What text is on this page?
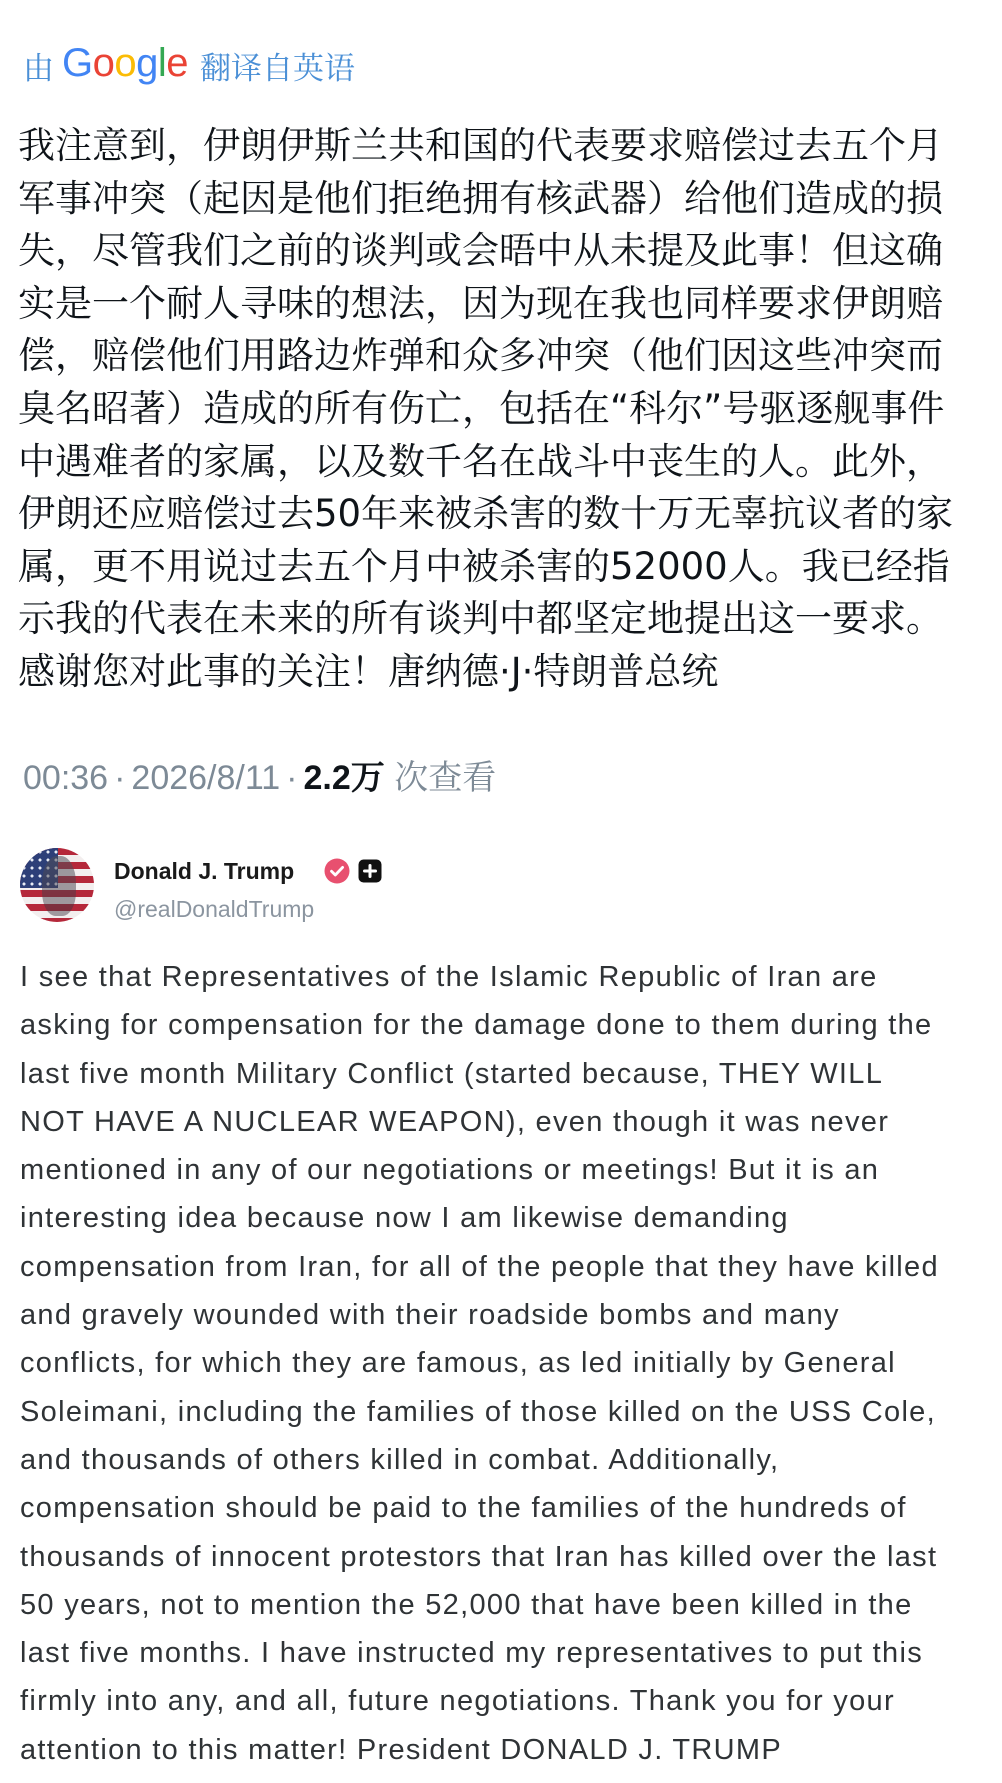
由 G o o g l e 翻译自英语
我注意到，伊朗伊斯兰共和国的代表要求赔偿过去五个月
军事冲突（起因是他们拒绝拥有核武器）给他们造成的损
失，尽管我们之前的谈判或会晤中从未提及此事！但这确
实是一个耐人寻味的想法，因为现在我也同样要求伊朗赔
偿，赔偿他们用路边炸弹和众多冲突（他们因这些冲突而
臭名昭著）造成的所有伤亡，包括在“科尔”号驱逐舰事件
中遇难者的家属，以及数千名在战斗中丧生的人。此外，
伊朗还应赔偿过去50年来被杀害的数十万无辜抗议者的家
属，更不用说过去五个月中被杀害的52000人。我已经指
示我的代表在未来的所有谈判中都坚定地提出这一要求。
感谢您对此事的关注！唐纳德·J·特朗普总统
00:36 · 2026/8/11 · 2.2万 次查看
Donald J. Trump
@realDonaldTrump
I see that Representatives of the Islamic Republic of Iran are
asking for compensation for the damage done to them during the
last five month Military Conflict (started because, THEY WILL
NOT HAVE A NUCLEAR WEAPON), even though it was never
mentioned in any of our negotiations or meetings! But it is an
interesting idea because now I am likewise demanding
compensation from Iran, for all of the people that they have killed
and gravely wounded with their roadside bombs and many
conflicts, for which they are famous, as led initially by General
Soleimani, including the families of those killed on the USS Cole,
and thousands of others killed in combat. Additionally,
compensation should be paid to the families of the hundreds of
thousands of innocent protestors that Iran has killed over the last
50 years, not to mention the 52,000 that have been killed in the
last five months. I have instructed my representatives to put this
firmly into any, and all, future negotiations. Thank you for your
attention to this matter! President DONALD J. TRUMP
